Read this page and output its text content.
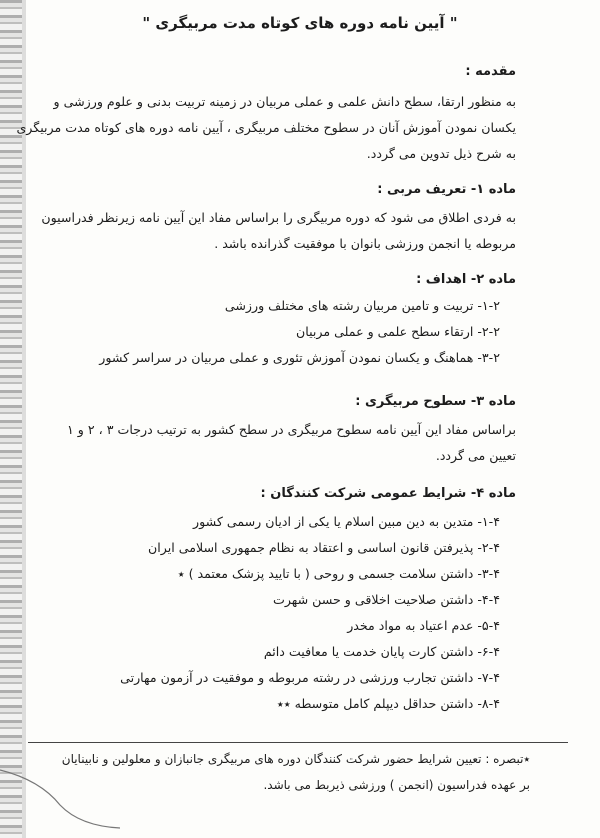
" آیین نامه دوره های کوتاه مدت مربیگری "
مقدمه :
به منظور ارتقا، سطح دانش علمی و عملی مربیان در زمینه تربیت بدنی و علوم ورزشی و
یکسان نمودن آموزش آنان در سطوح مختلف مربیگری ، آیین نامه دوره های کوتاه مدت مربیگری
به شرح ذیل تدوین می گردد.
ماده ۱- تعریف مربی :
به فردی اطلاق می شود که دوره مربیگری را براساس مفاد این آیین نامه زیرنظر فدراسیون
مربوطه یا انجمن ورزشی بانوان با موفقیت گذرانده باشد .
ماده ۲- اهداف :
۱-۲- تربیت و تامین مربیان رشته های مختلف ورزشی
۲-۲- ارتقاء سطح علمی و عملی مربیان
۳-۲- هماهنگ و یکسان نمودن آموزش تئوری و عملی مربیان در سراسر کشور
ماده ۳- سطوح مربیگری :
براساس مفاد این آیین نامه سطوح مربیگری در سطح کشور به ترتیب درجات ۳ ، ۲ و ۱
تعیین می گردد.
ماده ۴- شرایط عمومی شرکت کنندگان :
۱-۴- متدین به دین مبین اسلام یا یکی از ادیان رسمی کشور
۲-۴- پذیرفتن قانون اساسی و اعتقاد به نظام جمهوری اسلامی ایران
۳-۴- داشتن سلامت جسمی و روحی ( با تایید پزشک معتمد ) ٭
۴-۴- داشتن صلاحیت اخلاقی و حسن شهرت
۵-۴- عدم اعتیاد به مواد مخدر
۶-۴- داشتن کارت پایان خدمت یا معافیت دائم
۷-۴- داشتن تجارب ورزشی در رشته مربوطه و موفقیت در آزمون مهارتی
۸-۴- داشتن حداقل دیپلم کامل متوسطه ٭٭
٭تبصره : تعیین شرایط حضور شرکت کنندگان دوره های مربیگری جانبازان و معلولین و نابینایان
بر عهده فدراسیون (انجمن ) ورزشی ذیربط می باشد.
